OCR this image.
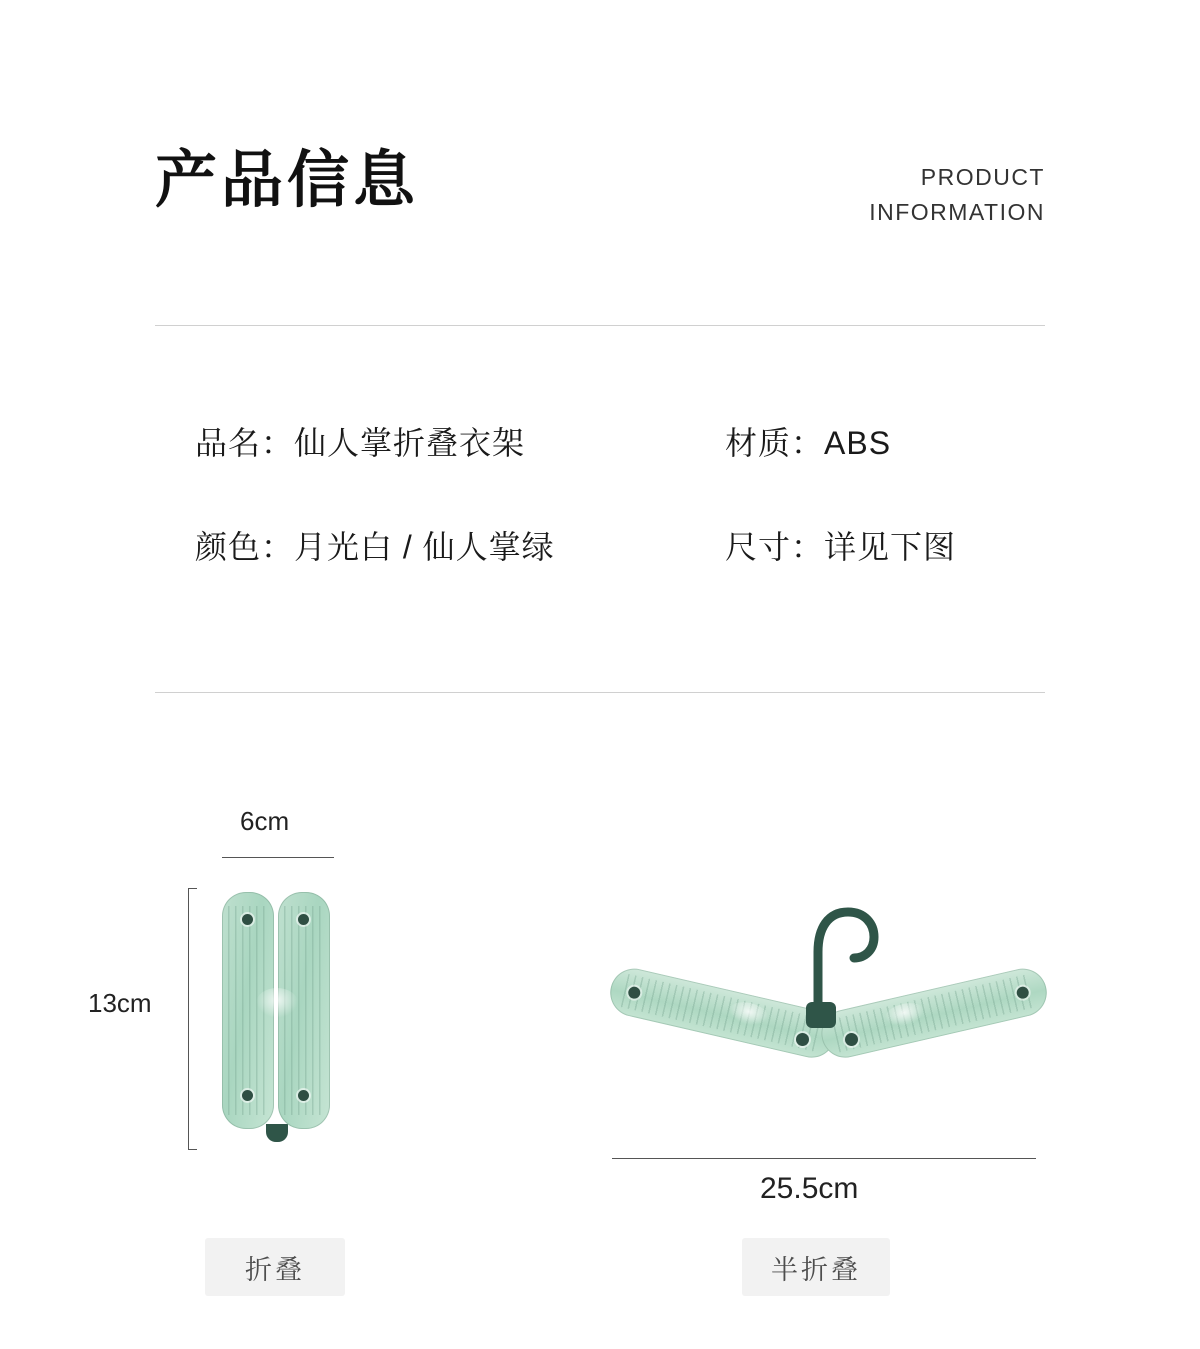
产品信息	PRODUCT
INFORMATION
品名：仙人掌折叠衣架	材质：ABS
颜色：月光白 / 仙人掌绿	尺寸：详见下图
13cm
6cm
25.5cm
折叠	半折叠
